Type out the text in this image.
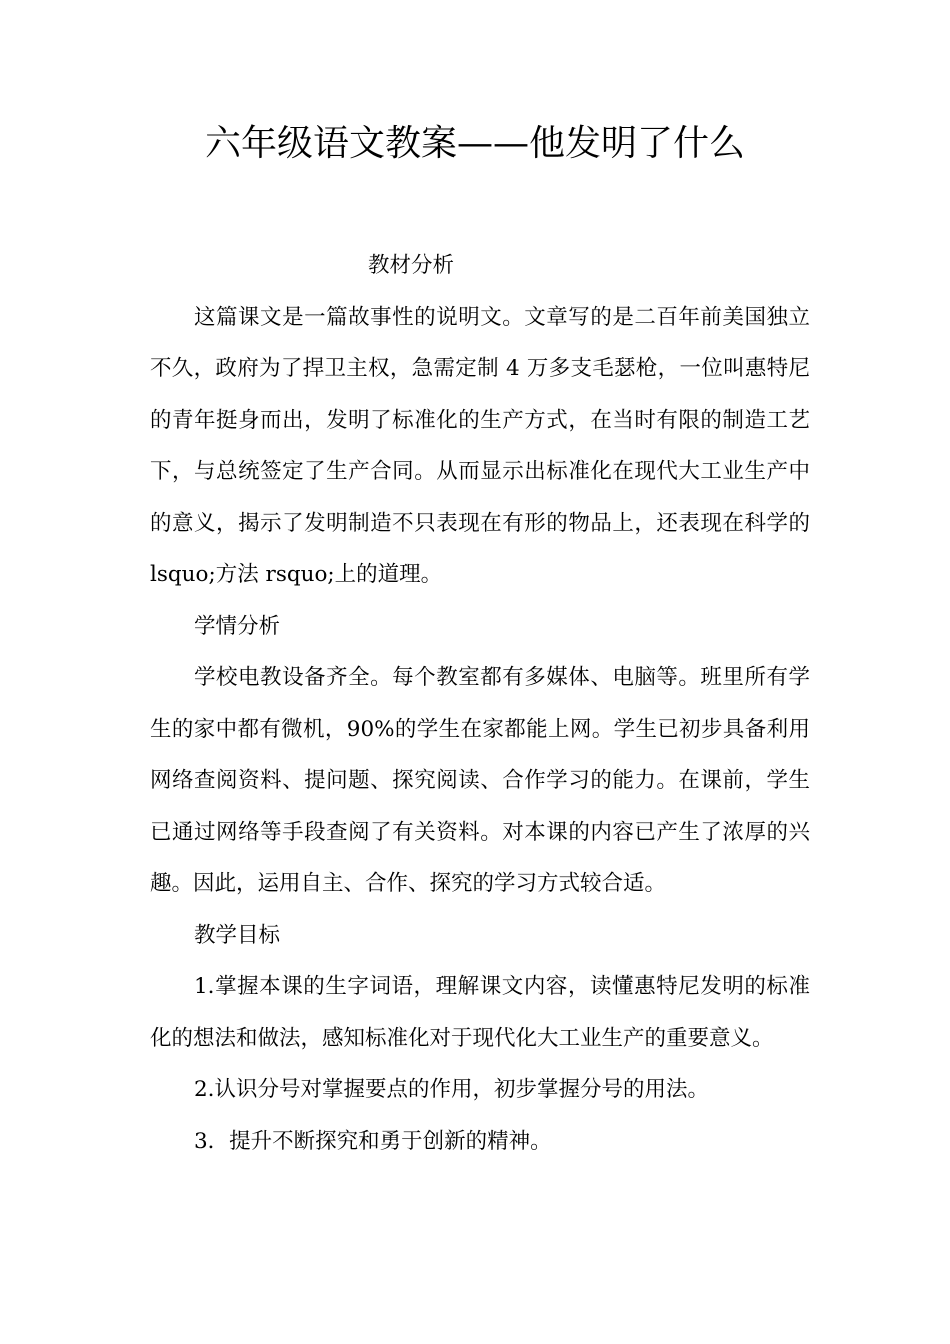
六年级语文教案——他发明了什么

教材分析

这篇课文是一篇故事性的说明文。文章写的是二百年前美国独立不久，政府为了捍卫主权，急需定制 4 万多支毛瑟枪，一位叫惠特尼的青年挺身而出，发明了标准化的生产方式，在当时有限的制造工艺下，与总统签定了生产合同。从而显示出标准化在现代大工业生产中的意义，揭示了发明制造不只表现在有形的物品上，还表现在科学的 lsquo;方法 rsquo;上的道理。

学情分析

学校电教设备齐全。每个教室都有多媒体、电脑等。班里所有学生的家中都有微机，90%的学生在家都能上网。学生已初步具备利用网络查阅资料、提问题、探究阅读、合作学习的能力。在课前，学生已通过网络等手段查阅了有关资料。对本课的内容已产生了浓厚的兴趣。因此，运用自主、合作、探究的学习方式较合适。

教学目标

1.掌握本课的生字词语，理解课文内容，读懂惠特尼发明的标准化的想法和做法，感知标准化对于现代化大工业生产的重要意义。

2.认识分号对掌握要点的作用，初步掌握分号的用法。

3．提升不断探究和勇于创新的精神。
